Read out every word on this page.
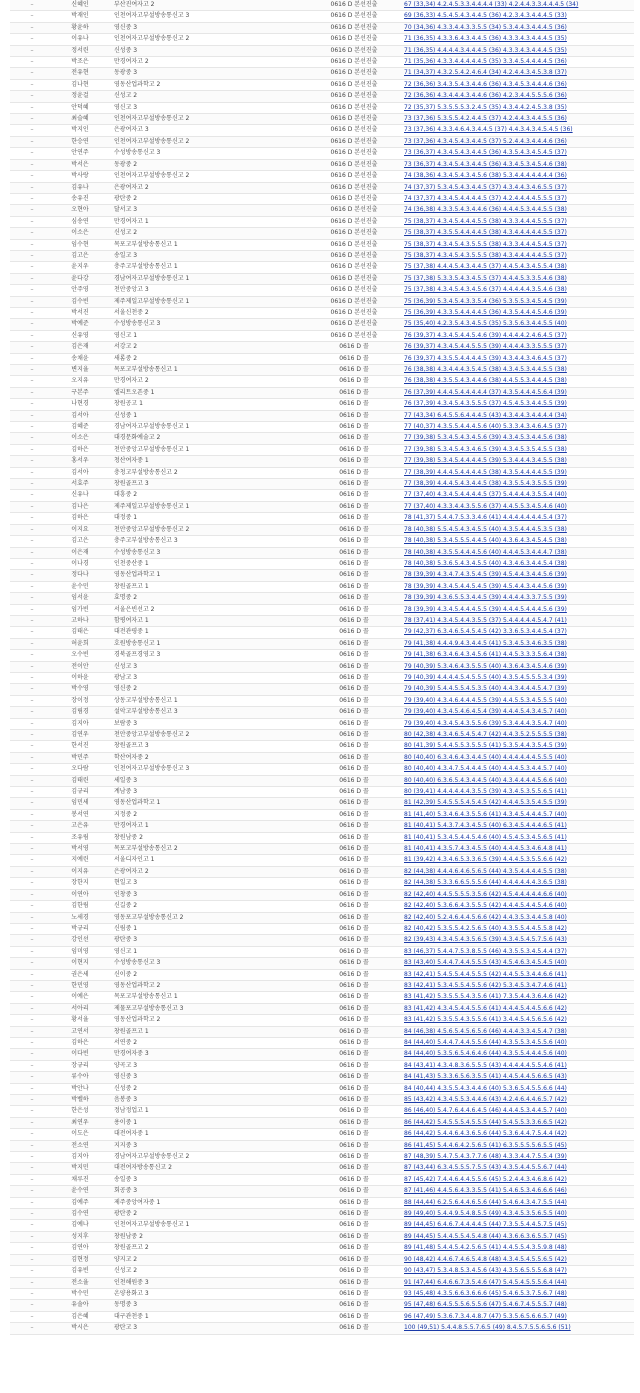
–	신혜인	부산진여자고 2	0616 D 본선진출	67 (33,34) 4.2.4.5.3.3.4.4.4.4 (33) 4.2.4.4.3.3.4.4.4.5 (34)
–	박재인	인천여자고부설방송통신고 3	0616 D 본선진출	69 (36,33) 4.5.4.5.4.3.4.4.5 (36) 4.2.3.4.3.4.4.4.5 (33)
–	황윤하	영신중 3	0616 D 본선진출	70 (34,36) 4.3.3.4.4.3.3.5.5 (34) 5.3.4.4.3.4.4.4.5 (36)
–	이유나	인천여자고부설방송통신고 2	0616 D 본선진출	71 (36,35) 4.3.3.6.4.3.4.4.5 (36) 4.3.3.4.3.4.4.4.5 (35)
–	정서린	신성중 3	0616 D 본선진출	71 (36,35) 4.4.4.4.3.4.4.4.5 (36) 4.3.3.4.3.4.4.4.5 (35)
–	박조은	만경여자고 2	0616 D 본선진출	71 (35,36) 4.3.3.4.4.4.4.4.5 (35) 3.3.4.5.4.4.4.4.5 (36)
–	전유현	동광중 3	0616 D 본선진출	71 (34,37) 4.3.2.5.4.2.4.6.4 (34) 4.2.4.4.3.4.5.3.8 (37)
–	김나현	영동산업과학고 2	0616 D 본선진출	72 (36,36) 3.4.3.5.4.3.4.4.6 (36) 4.3.4.5.3.4.4.4.6 (36)
–	정윤걸	신성고 2	0616 D 본선진출	72 (36,36) 4.3.4.4.4.3.4.4.6 (36) 4.2.3.4.4.5.5.5.6 (36)
–	안덕혜	영신고 3	0616 D 본선진출	72 (35,37) 5.3.5.5.5.3.2.4.5 (35) 4.3.4.4.2.4.5.3.8 (35)
–	최슬혜	인천여자고부설방송통신고 2	0616 D 본선진출	73 (37,36) 5.3.5.5.4.2.4.4.5 (37) 4.2.4.4.3.4.4.5.5 (36)
–	박지인	은광여자고 3	0616 D 본선진출	73 (37,36) 4.3.3.4.6.4.3.4.4.5 (37) 4.4.3.4.3.4.5.4.5 (36)
–	한승연	인천여자고부설방송통신고 2	0616 D 본선진출	73 (37,36) 4.3.4.5.4.3.4.4.5 (37) 5.2.4.4.3.4.4.4.6 (36)
–	안연주	수성방송통신고 3	0616 D 본선진출	73 (36,37) 4.3.4.5.4.3.4.4.5 (36) 4.3.5.4.3.4.5.4.5 (37)
–	박서은	동광중 2	0616 D 본선진출	73 (36,37) 4.3.4.5.4.3.4.4.5 (36) 4.3.4.5.3.4.5.4.6 (38)
–	박사랑	인천여자고부설방송통신고 2	0616 D 본선진출	74 (38,36) 4.3.4.5.4.3.4.5.6 (38) 5.3.4.4.4.4.4.4.4 (36)
–	김유나	은광여자고 2	0616 D 본선진출	74 (37,37) 5.3.4.5.4.3.4.4.5 (37) 4.3.4.4.3.4.6.5.5 (37)
–	송유진	광탄중 2	0616 D 본선진출	74 (37,37) 4.3.4.5.4.4.4.4.5 (37) 4.2.4.4.4.4.5.5.5 (37)
–	오현아	달서고 3	0616 D 본선진출	74 (36,38) 4.3.3.5.4.3.4.4.6 (36) 4.4.4.5.3.4.4.5.5 (38)
–	심송연	만경여자고 1	0616 D 본선진출	75 (38,37) 4.3.4.5.4.4.4.5.5 (38) 4.3.3.4.4.4.5.5.5 (37)
–	이소은	신성고 2	0616 D 본선진출	75 (38,37) 4.3.5.5.4.4.4.4.5 (38) 4.3.4.4.4.4.4.5.5 (37)
–	임수현	목포고부설방송통신고 1	0616 D 본선진출	75 (38,37) 4.3.4.5.4.3.5.5.5 (38) 4.3.3.4.4.4.5.4.5 (37)
–	김고은	송일고 3	0616 D 본선진출	75 (38,37) 4.3.4.5.4.3.5.5.5 (38) 4.3.4.4.4.4.4.5.5 (37)
–	윤지우	충주고부설방송통신고 1	0616 D 본선진출	75 (37,38) 4.4.4.5.4.3.4.4.5 (37) 4.4.5.4.3.4.5.5.4 (38)
–	윤다강	경남여자고부설방송통신고 1	0616 D 본선진출	75 (37,38) 5.3.3.5.4.3.4.5.5 (37) 4.4.4.5.3.3.5.4.6 (38)
–	안주영	천안중앙고 3	0616 D 본선진출	75 (37,38) 4.3.4.5.4.3.4.5.6 (37) 4.4.4.4.4.3.5.4.6 (38)
–	김수빈	제주제일고부설방송통신고 1	0616 D 본선진출	75 (36,39) 5.3.4.5.4.3.3.5.4 (36) 5.3.5.5.3.4.5.4.5 (39)
–	박서진	서울신천중 2	0616 D 본선진출	75 (36,39) 4.3.3.5.4.4.4.4.5 (36) 4.3.5.4.4.4.5.4.6 (39)
–	박예준	수성방송통신고 3	0616 D 본선진출	75 (35,40) 4.2.3.5.4.3.4.5.5 (35) 5.3.5.6.3.4.4.5.5 (40)
–	신유영	영신고 1	0616 D 본선진출	76 (39,37) 4.3.4.5.4.4.5.4.6 (39) 4.4.4.4.2.4.6.4.5 (37)
–	김은재	서강고 2	0616 D 꼴	76 (39,37) 4.3.4.5.4.4.5.5.5 (39) 4.4.4.4.3.3.5.5.5 (37)
–	송채윤	새롬중 2	0616 D 꼴	76 (39,37) 4.3.5.5.4.4.4.4.5 (39) 4.3.4.4.3.4.6.4.5 (37)
–	변지율	목포고부설방송통신고 1	0616 D 꼴	76 (38,38) 4.3.4.4.4.3.5.4.5 (38) 4.3.4.5.3.4.4.5.5 (38)
–	오지유	만경여자고 2	0616 D 꼴	76 (38,38) 4.3.5.5.4.3.4.4.6 (38) 4.4.5.5.3.4.4.4.5 (38)
–	구본주	엘리트오픈중 1	0616 D 꼴	76 (37,39) 4.4.4.5.4.4.4.4.4 (37) 4.3.5.4.4.4.5.6.4 (39)
–	나현경	창원공고 1	0616 D 꼴	76 (37,39) 4.3.4.5.4.3.5.5.5 (37) 4.5.4.5.3.4.4.5.5 (39)
–	김서아	신성중 1	0616 D 꼴	77 (43,34) 6.4.5.5.6.4.4.4.5 (43) 4.3.4.4.3.4.4.4.4 (34)
–	김혜준	경남여자고부설방송통신고 1	0616 D 꼴	77 (40,37) 4.3.5.5.4.4.4.5.6 (40) 5.3.3.4.3.4.6.4.5 (37)
–	이소은	대경문화예술고 2	0616 D 꼴	77 (39,38) 5.3.4.5.4.3.4.5.6 (39) 4.3.4.5.3.4.4.5.6 (38)
–	김하은	천안중앙고부설방송통신고 1	0616 D 꼴	77 (39,38) 5.3.4.5.4.3.4.6.5 (39) 4.3.4.5.3.5.4.5.5 (38)
–	홍서우	청산여자중 1	0616 D 꼴	77 (39,38) 5.3.4.5.4.4.4.4.5 (39) 5.3.4.4.4.3.4.5.5 (38)
–	김서아	충청고부설방송통신고 2	0616 D 꼴	77 (38,39) 4.4.4.5.4.4.4.4.5 (38) 4.3.5.4.4.4.4.5.5 (39)
–	서효주	창원골프고 3	0616 D 꼴	77 (38,39) 4.4.4.5.4.3.4.4.5 (38) 4.3.5.5.4.3.5.5.5 (39)
–	신유나	대흥중 2	0616 D 꼴	77 (37,40) 4.3.4.5.4.4.4.4.5 (37) 5.4.4.4.4.3.5.5.4 (40)
–	김나은	제주제일고부설방송통신고 1	0616 D 꼴	77 (37,40) 4.3.3.4.4.3.5.5.6 (37) 4.4.5.5.3.4.5.4.6 (40)
–	김하은	대정중 1	0616 D 꼴	78 (41,37) 5.4.4.7.5.3.3.4.6 (41) 4.4.4.4.4.4.4.5.4 (37)
–	이지요	천안중앙고부설방송통신고 2	0616 D 꼴	78 (40,38) 5.5.4.5.4.3.4.5.5 (40) 4.3.5.4.4.4.5.3.5 (38)
–	김고은	충주고부설방송통신고 3	0616 D 꼴	78 (40,38) 5.3.4.5.5.5.4.4.5 (40) 4.3.6.4.3.4.5.4.5 (38)
–	이은재	수성방송통신고 3	0616 D 꼴	78 (40,38) 4.3.5.5.4.4.4.5.6 (40) 4.4.4.5.3.4.4.4.7 (38)
–	이나경	인천중산중 1	0616 D 꼴	78 (40,38) 5.3.6.5.4.3.4.5.5 (40) 4.3.4.6.3.4.4.5.4 (38)
–	정다나	영동산업과학고 1	0616 D 꼴	78 (39,39) 4.3.4.7.4.3.5.4.5 (39) 4.5.4.4.3.4.4.5.6 (39)
–	윤수민	창원골프고 1	0616 D 꼴	78 (39,39) 4.3.4.5.4.4.5.4.5 (39) 4.5.4.4.3.4.4.5.6 (39)
–	임서윤	효명중 2	0616 D 꼴	78 (39,39) 4.3.6.5.5.3.4.4.5 (39) 4.4.4.4.3.3.7.5.5 (39)
–	임가빈	서울은빈선고 2	0616 D 꼴	78 (39,39) 4.3.4.5.4.4.4.5.5 (39) 4.4.4.5.4.4.4.5.6 (39)
–	고하나	함평여자고 1	0616 D 꼴	78 (37,41) 4.3.4.5.4.4.3.5.5 (37) 5.4.4.4.4.4.5.4.7 (41)
–	김태은	대전관평중 1	0616 D 꼴	79 (42,37) 6.3.4.6.5.4.5.4.5 (42) 3.3.6.5.3.4.4.5.4 (37)
–	허윤희	호원방송통신고 1	0616 D 꼴	79 (41,38) 4.4.4.9.4.3.4.4.5 (41) 5.3.4.5.3.4.6.3.5 (38)
–	오수빈	경북골프경영고 3	0616 D 꼴	79 (41,38) 6.3.4.6.4.3.4.5.6 (41) 4.4.5.3.3.3.5.6.4 (38)
–	전이안	신성고 3	0616 D 꼴	79 (40,39) 5.3.4.6.4.3.5.5.5 (40) 4.3.6.4.3.4.5.4.6 (39)
–	이하윤	광남고 3	0616 D 꼴	79 (40,39) 4.4.4.4.5.4.5.5.5 (40) 4.3.5.4.5.5.5.3.4 (39)
–	박수영	영신중 2	0616 D 꼴	79 (40,39) 5.4.4.5.5.4.5.3.5 (40) 4.4.3.4.4.4.5.4.7 (39)
–	장이정	상동고부설방송통신고 1	0616 D 꼴	79 (39,40) 4.3.4.6.4.4.4.5.5 (39) 4.4.5.5.3.4.5.5.5 (40)
–	김림경	설악고부설방송통신고 3	0616 D 꼴	79 (39,40) 4.3.4.5.4.6.4.5.4 (39) 4.4.4.5.4.3.4.5.7 (40)
–	김지아	보람중 3	0616 D 꼴	79 (39,40) 4.3.4.5.4.3.5.5.6 (39) 5.3.4.4.4.3.5.4.7 (40)
–	김연우	천안중앙고부설방송통신고 2	0616 D 꼴	80 (42,38) 4.3.4.6.5.4.5.4.7 (42) 4.4.3.5.2.5.5.5.5 (38)
–	한서진	창원골프고 3	0616 D 꼴	80 (41,39) 5.4.4.5.5.3.5.5.5 (41) 5.3.5.4.4.3.5.4.5 (39)
–	박민주	학산여자중 2	0616 D 꼴	80 (40,40) 6.3.4.6.4.3.4.4.5 (40) 4.4.4.4.4.4.5.5.5 (40)
–	오다람	인천여자고부설방송통신고 3	0616 D 꼴	80 (40,40) 4.3.4.7.5.4.4.4.5 (40) 4.4.4.5.3.4.4.5.7 (40)
–	김태린	세일중 3	0616 D 꼴	80 (40,40) 6.3.6.5.4.3.4.4.5 (40) 4.3.4.4.4.4.5.6.6 (40)
–	김규리	계남중 3	0616 D 꼴	80 (39,41) 4.4.4.4.4.4.3.5.5 (39) 4.3.4.5.3.5.5.6.5 (41)
–	임민세	영동산업과학고 1	0616 D 꼴	81 (42,39) 5.4.5.5.5.4.5.4.5 (42) 4.4.4.5.3.5.4.5.5 (39)
–	봉서연	지정중 2	0616 D 꼴	81 (41,40) 5.3.4.6.4.3.5.5.6 (41) 4.3.4.5.4.4.4.5.7 (40)
–	고은유	만경여자고 1	0616 D 꼴	81 (40,41) 5.4.3.7.4.3.4.5.5 (40) 6.3.4.5.4.4.4.6.5 (41)
–	조유림	창원남중 2	0616 D 꼴	81 (40,41) 5.3.4.5.4.4.5.4.6 (40) 4.5.4.5.3.4.5.6.5 (41)
–	박서영	목포고부설방송통신고 2	0616 D 꼴	81 (40,41) 4.3.5.7.4.3.4.5.5 (40) 4.4.4.5.3.4.6.4.8 (41)
–	지예린	서울디자인고 1	0616 D 꼴	81 (39,42) 4.3.4.6.5.3.3.6.5 (39) 4.4.4.5.3.5.5.6.6 (42)
–	이지유	은광여자고 2	0616 D 꼴	82 (44,38) 4.4.4.6.4.6.5.6.5 (44) 4.3.5.4.4.4.4.5.5 (38)
–	장한지	현일고 3	0616 D 꼴	82 (44,38) 5.3.3.6.6.5.5.5.6 (44) 4.4.4.4.4.4.3.6.5 (38)
–	이연아	인창중 3	0616 D 꼴	82 (42,40) 4.4.5.5.5.5.3.5.6 (42) 4.5.4.4.4.4.4.6.6 (40)
–	김한림	신길중 2	0616 D 꼴	82 (42,40) 5.3.6.6.4.3.5.5.5 (42) 4.4.4.5.4.4.5.4.6 (40)
–	노세경	영동포고부설방송통신고 2	0616 D 꼴	82 (42,40) 5.2.4.6.4.4.5.6.6 (42) 4.4.3.5.3.4.4.5.8 (40)
–	박규리	신림중 1	0616 D 꼴	82 (40,42) 5.3.5.5.4.2.5.6.5 (40) 4.3.5.5.4.4.5.5.8 (42)
–	강인선	광탄중 3	0616 D 꼴	82 (39,43) 4.3.4.5.4.3.5.6.5 (39) 4.3.4.5.4.5.7.5.6 (43)
–	임미영	영신고 1	0616 D 꼴	83 (46,37) 5.4.4.7.5.3.8.5.5 (46) 4.3.5.5.3.4.5.4.4 (37)
–	이현지	수성방송통신고 3	0616 D 꼴	83 (43,40) 5.4.4.7.4.4.5.5.5 (43) 4.5.4.6.3.4.5.4.5 (40)
–	권은세	신이중 2	0616 D 꼴	83 (42,41) 5.4.5.5.4.4.5.5.5 (42) 4.4.5.5.3.4.4.6.6 (41)
–	한민영	영동산업과학고 2	0616 D 꼴	83 (42,41) 5.3.4.5.5.4.5.5.6 (42) 5.3.4.5.3.4.7.4.6 (41)
–	이예은	목포고부설방송통신고 1	0616 D 꼴	83 (41,42) 5.3.5.5.5.4.3.5.6 (41) 7.3.5.4.4.3.6.4.6 (42)
–	서아리	제물포고부설방송통신고 3	0616 D 꼴	83 (41,42) 4.3.4.5.4.4.5.5.6 (41) 4.4.4.5.4.4.5.6.6 (42)
–	황서율	영동산업과학고 2	0616 D 꼴	83 (41,42) 5.3.5.5.4.3.5.5.6 (41) 3.4.4.5.4.5.6.5.6 (42)
–	고연서	창원골프고 1	0616 D 꼴	84 (46,38) 4.5.6.5.4.5.6.5.6 (46) 4.4.4.3.3.4.5.4.7 (38)
–	김하은	서연중 2	0616 D 꼴	84 (44,40) 5.4.4.7.4.4.5.5.6 (44) 4.3.5.5.3.4.5.5.6 (40)
–	이다빈	만경여자중 3	0616 D 꼴	84 (44,40) 5.3.5.6.5.4.6.4.6 (44) 4.3.5.5.4.4.4.5.6 (40)
–	장규리	양곡고 3	0616 D 꼴	84 (43,41) 4.3.4.8.3.6.5.5.5 (43) 4.4.4.4.4.5.5.4.6 (41)
–	류수아	영신중 3	0616 D 꼴	84 (41,43) 5.3.3.6.5.6.3.5.5 (41) 4.4.5.4.4.5.6.6.5 (43)
–	박안나	신성중 2	0616 D 꼴	84 (40,44) 4.3.5.5.4.3.4.4.6 (40) 5.3.6.5.4.5.5.6.6 (44)
–	박벨하	음봉중 3	0616 D 꼴	85 (43,42) 4.3.4.5.5.3.4.4.6 (43) 4.2.4.6.4.4.6.5.7 (42)
–	한은성	정남정업고 1	0616 D 꼴	86 (46,40) 5.4.7.6.4.4.6.4.5 (46) 4.4.4.5.3.4.4.5.7 (40)
–	최연우	용이중 1	0616 D 꼴	86 (44,42) 5.4.5.5.5.4.5.5.5 (44) 5.4.5.5.3.3.6.6.5 (42)
–	이도은	대전여자중 1	0616 D 꼴	86 (44,42) 5.4.4.6.4.3.6.5.6 (44) 5.3.6.4.4.7.5.4.4 (42)
–	전소연	지지중 3	0616 D 꼴	86 (41,45) 5.4.4.6.4.2.5.6.5 (41) 6.3.5.5.5.5.6.5.5 (45)
–	김지아	경남여자고부설방송통신고 2	0616 D 꼴	87 (48,39) 5.4.7.5.4.3.7.7.6 (48) 4.3.3.4.4.7.5.5.4 (39)
–	박지민	대전여자방송통신고 2	0616 D 꼴	87 (43,44) 6.3.4.5.5.5.7.5.5 (43) 4.3.5.4.4.5.5.6.7 (44)
–	채루진	송일중 3	0616 D 꼴	87 (45,42) 7.4.4.6.4.4.5.5.6 (45) 5.2.4.4.3.4.6.8.6 (42)
–	윤수연	회공중 3	0616 D 꼴	87 (41,46) 4.4.5.6.4.3.3.5.5 (41) 5.4.6.5.3.4.6.6.6 (46)
–	김예주	제주중앙여자중 1	0616 D 꼴	88 (44,44) 6.2.5.6.4.4.6.5.6 (44) 5.4.6.4.3.4.7.5.5 (44)
–	김수연	광탄중 2	0616 D 꼴	89 (49,40) 5.4.4.9.5.4.8.5.5 (49) 4.3.4.5.3.5.6.5.5 (40)
–	김예나	인천여자고부설방송통신고 1	0616 D 꼴	89 (44,45) 6.4.6.7.4.4.4.4.5 (44) 7.3.5.5.4.4.5.7.5 (45)
–	성지후	창원남중 2	0616 D 꼴	89 (44,45) 5.4.4.5.5.4.5.4.8 (44) 4.3.6.6.3.6.5.5.7 (45)
–	김연아	창원골프고 2	0616 D 꼴	89 (41,48) 5.4.4.5.4.2.5.6.5 (41) 4.4.5.5.4.3.5.9.8 (48)
–	김현정	양지고 2	0616 D 꼴	90 (48,42) 4.4.6.7.4.6.5.4.8 (48) 4.3.4.5.4.5.5.6.5 (42)
–	김유빈	신성고 2	0616 D 꼴	90 (43,47) 5.3.4.8.5.3.4.5.6 (43) 4.3.5.6.5.5.5.6.8 (47)
–	전소율	인천해원중 3	0616 D 꼴	91 (47,44) 6.4.6.6.7.3.5.4.6 (47) 5.4.5.4.5.5.5.6.4 (44)
–	박수민	온양용화고 3	0616 D 꼴	93 (45,48) 4.3.5.6.6.3.6.6.6 (45) 5.4.6.5.3.7.5.6.7 (48)
–	유솔아	동명중 3	0616 D 꼴	95 (47,48) 6.4.5.5.5.6.5.5.6 (47) 5.4.6.7.4.5.5.5.7 (48)
–	김은혜	대구관천중 1	0616 D 꼴	96 (47,49) 5.3.6.7.3.4.4.8.7 (47) 5.3.5.6.5.6.6.5.7 (49)
–	박시은	광탄고 3	0616 D 꼴	100 (49,51) 5.4.4.8.5.5.7.6.5 (49) 8.4.5.7.5.5.6.5.6 (51)
